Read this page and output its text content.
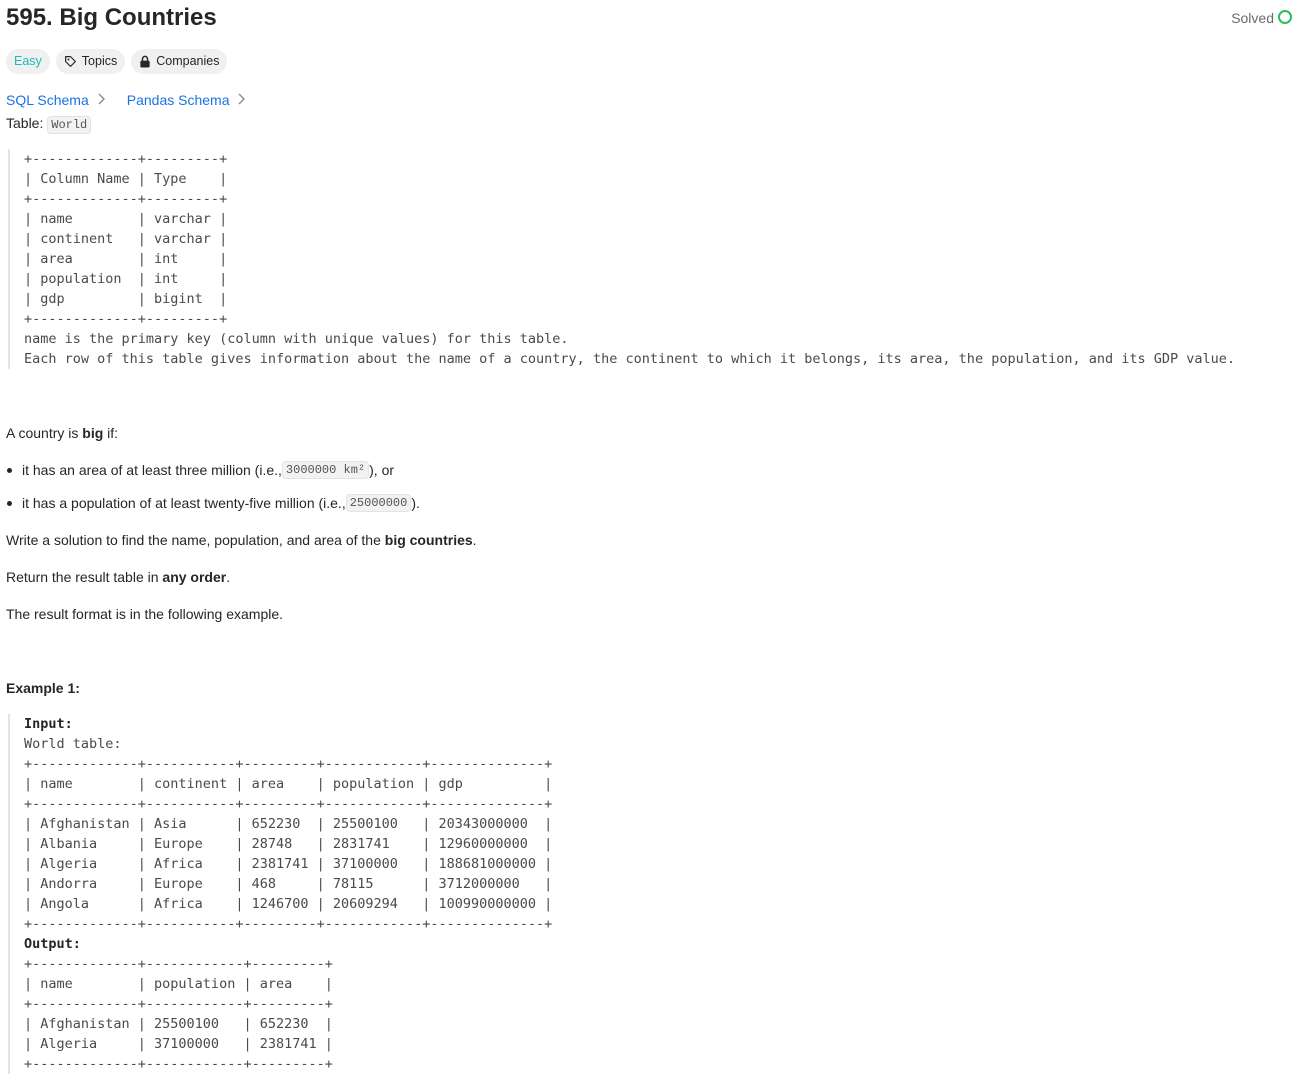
595. Big Countries	Solved
Easy	Topics	Companies
SQL Schema	Pandas Schema
Table: World
+-------------+---------+
| Column Name | Type    |
+-------------+---------+
| name        | varchar |
| continent   | varchar |
| area        | int     |
| population  | int     |
| gdp         | bigint  |
+-------------+---------+
name is the primary key (column with unique values) for this table.
Each row of this table gives information about the name of a country, the continent to which it belongs, its area, the population, and its GDP value.

A country is big if:

it has an area of at least three million (i.e., 3000000 km² ), or
it has a population of at least twenty-five million (i.e., 25000000 ).

Write a solution to find the name, population, and area of the big countries.

Return the result table in any order.

The result format is in the following example.

Example 1:

Input:
World table:
+-------------+-----------+---------+------------+--------------+
| name        | continent | area    | population | gdp          |
+-------------+-----------+---------+------------+--------------+
| Afghanistan | Asia      | 652230  | 25500100   | 20343000000  |
| Albania     | Europe    | 28748   | 2831741    | 12960000000  |
| Algeria     | Africa    | 2381741 | 37100000   | 188681000000 |
| Andorra     | Europe    | 468     | 78115      | 3712000000   |
| Angola      | Africa    | 1246700 | 20609294   | 100990000000 |
+-------------+-----------+---------+------------+--------------+
Output:
+-------------+------------+---------+
| name        | population | area    |
+-------------+------------+---------+
| Afghanistan | 25500100   | 652230  |
| Algeria     | 37100000   | 2381741 |
+-------------+------------+---------+
